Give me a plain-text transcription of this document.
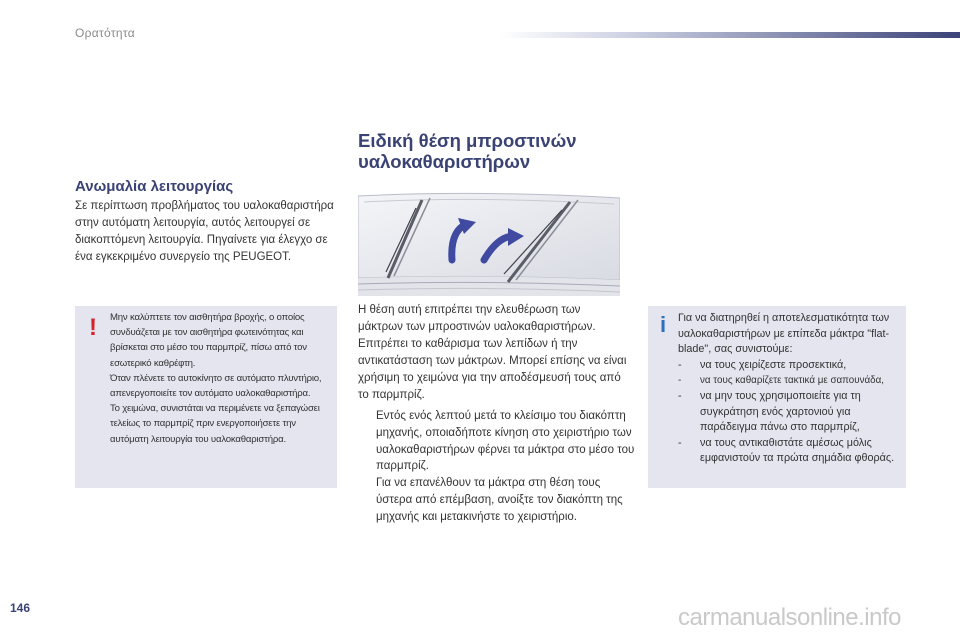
Ορατότητα
Ανωμαλία λειτουργίας
Σε περίπτωση προβλήματος του υαλοκαθαριστήρα στην αυτόματη λειτουργία, αυτός λειτουργεί σε διακοπτόμενη λειτουργία. Πηγαίνετε για έλεγχο σε ένα εγκεκριμένο συνεργείο της PEUGEOT.
!	Μην καλύπτετε τον αισθητήρα βροχής, ο οποίος συνδυάζεται με τον αισθητήρα φωτεινότητας και βρίσκεται στο μέσο του παρμπρίζ, πίσω από τον εσωτερικό καθρέφτη.

Όταν πλένετε το αυτοκίνητο σε αυτόματο πλυντήριο, απενεργοποιείτε τον αυτόματο υαλοκαθαριστήρα.

Το χειμώνα, συνιστάται να περιμένετε να ξεπαγώσει τελείως το παρμπρίζ πριν ενεργοποιήσετε την αυτόματη λειτουργία του υαλοκαθαριστήρα.

Ειδική θέση μπροστινών
υαλοκαθαριστήρων
Η θέση αυτή επιτρέπει την ελευθέρωση των μάκτρων των μπροστινών υαλοκαθαριστήρων. Επιτρέπει το καθάρισμα των λεπίδων ή την αντικατάσταση των μάκτρων. Μπορεί επίσης να είναι χρήσιμη το χειμώνα για την αποδέσμευσή τους από το παρμπρίζ.
Εντός ενός λεπτού μετά το κλείσιμο του διακόπτη μηχανής, οποιαδήποτε κίνηση στο χειριστήριο των υαλοκαθαριστήρων φέρνει τα μάκτρα στο μέσο του παρμπρίζ.
Για να επανέλθουν τα μάκτρα στη θέση τους ύστερα από επέμβαση, ανοίξτε τον διακόπτη της μηχανής και μετακινήστε το χειριστήριο.
i	Για να διατηρηθεί η αποτελεσματικότητα των υαλοκαθαριστήρων με επίπεδα μάκτρα "flat-blade", σας συνιστούμε:
- να τους χειρίζεστε προσεκτικά,
- να τους καθαρίζετε τακτικά με σαπουνάδα,
- να μην τους χρησιμοποιείτε για τη συγκράτηση ενός χαρτονιού για παράδειγμα πάνω στο παρμπρίζ,
- να τους αντικαθιστάτε αμέσως μόλις εμφανιστούν τα πρώτα σημάδια φθοράς.
146	carmanualsonline.info
